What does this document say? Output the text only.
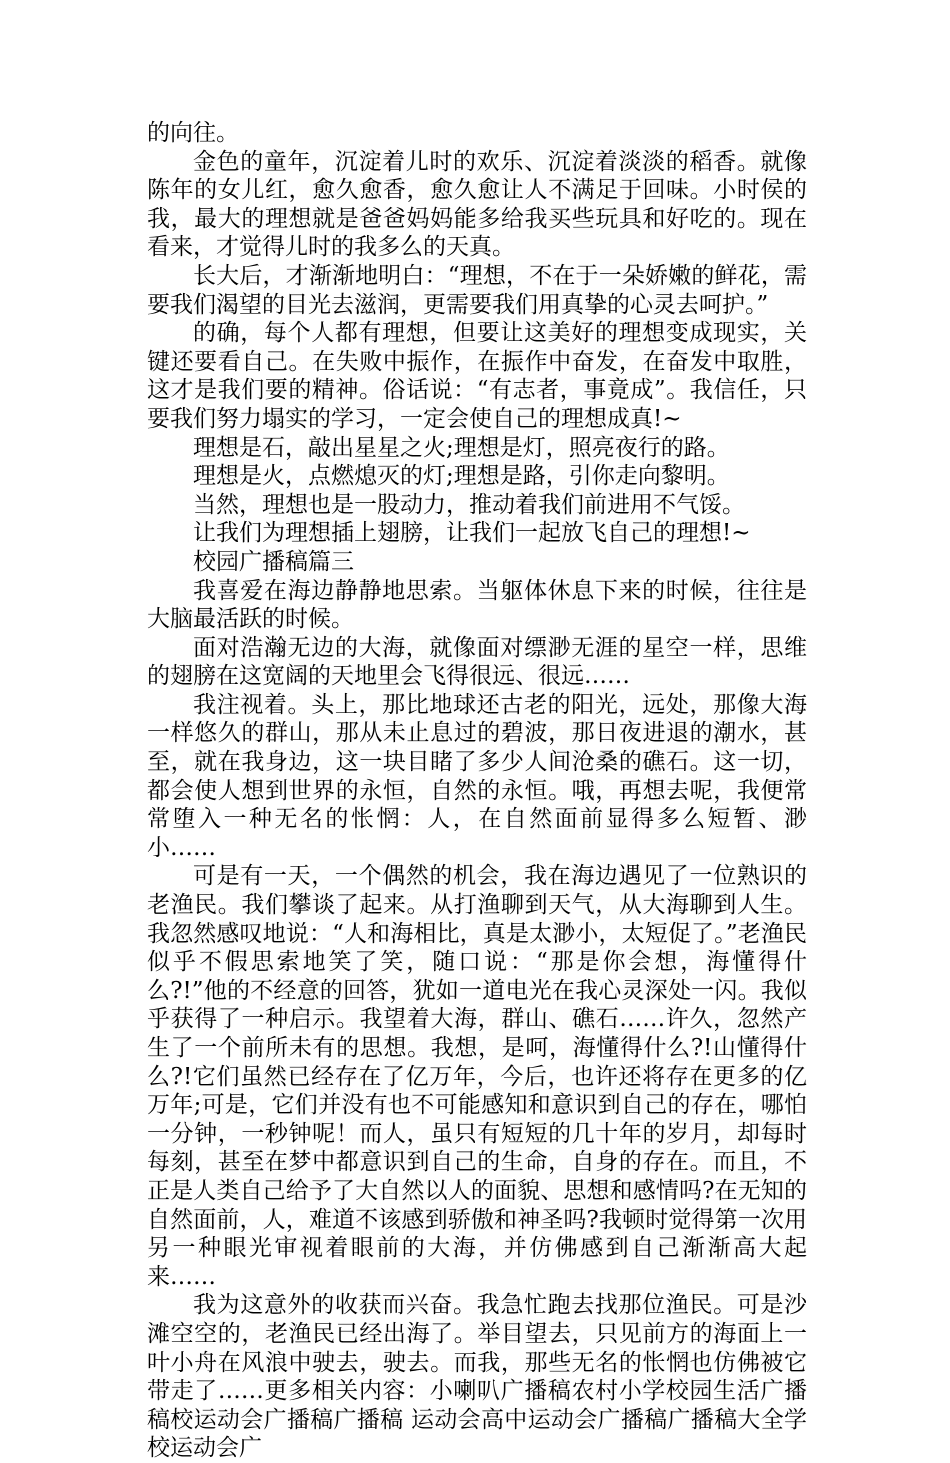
的向往。

金色的童年，沉淀着儿时的欢乐、沉淀着淡淡的稻香。就像陈年的女儿红，愈久愈香，愈久愈让人不满足于回味。小时侯的我，最大的理想就是爸爸妈妈能多给我买些玩具和好吃的。现在看来，才觉得儿时的我多么的天真。

长大后，才渐渐地明白：“理想，不在于一朵娇嫩的鲜花，需要我们渴望的目光去滋润，更需要我们用真挚的心灵去呵护。”

的确，每个人都有理想，但要让这美好的理想变成现实，关键还要看自己。在失败中振作，在振作中奋发，在奋发中取胜，这才是我们要的精神。俗话说：“有志者，事竟成”。我信任，只要我们努力塌实的学习，一定会使自己的理想成真!~

理想是石，敲出星星之火;理想是灯，照亮夜行的路。

理想是火，点燃熄灭的灯;理想是路，引你走向黎明。

当然，理想也是一股动力，推动着我们前进用不气馁。

让我们为理想插上翅膀，让我们一起放飞自己的理想!~

校园广播稿篇三

我喜爱在海边静静地思索。当躯体休息下来的时候，往往是大脑最活跃的时候。

面对浩瀚无边的大海，就像面对缥渺无涯的星空一样，思维的翅膀在这宽阔的天地里会飞得很远、很远……

我注视着。头上，那比地球还古老的阳光，远处，那像大海一样悠久的群山，那从未止息过的碧波，那日夜进退的潮水，甚至，就在我身边，这一块目睹了多少人间沧桑的礁石。这一切，都会使人想到世界的永恒，自然的永恒。哦，再想去呢，我便常常堕入一种无名的怅惘：人，在自然面前显得多么短暂、渺小……

可是有一天，一个偶然的机会，我在海边遇见了一位熟识的老渔民。我们攀谈了起来。从打渔聊到天气，从大海聊到人生。我忽然感叹地说：“人和海相比，真是太渺小，太短促了。”老渔民似乎不假思索地笑了笑，随口说：“那是你会想，海懂得什么?!”他的不经意的回答，犹如一道电光在我心灵深处一闪。我似乎获得了一种启示。我望着大海，群山、礁石……许久，忽然产生了一个前所未有的思想。我想，是呵，海懂得什么?!山懂得什么?!它们虽然已经存在了亿万年，今后，也许还将存在更多的亿万年;可是，它们并没有也不可能感知和意识到自己的存在，哪怕一分钟，一秒钟呢！而人，虽只有短短的几十年的岁月，却每时每刻，甚至在梦中都意识到自己的生命，自身的存在。而且，不正是人类自己给予了大自然以人的面貌、思想和感情吗?在无知的自然面前，人，难道不该感到骄傲和神圣吗?我顿时觉得第一次用另一种眼光审视着眼前的大海，并仿佛感到自己渐渐高大起来……

我为这意外的收获而兴奋。我急忙跑去找那位渔民。可是沙滩空空的，老渔民已经出海了。举目望去，只见前方的海面上一叶小舟在风浪中驶去，驶去。而我，那些无名的怅惘也仿佛被它带走了……更多相关内容：小喇叭广播稿农村小学校园生活广播稿校运动会广播稿广播稿 运动会高中运动会广播稿广播稿大全学校运动会广
